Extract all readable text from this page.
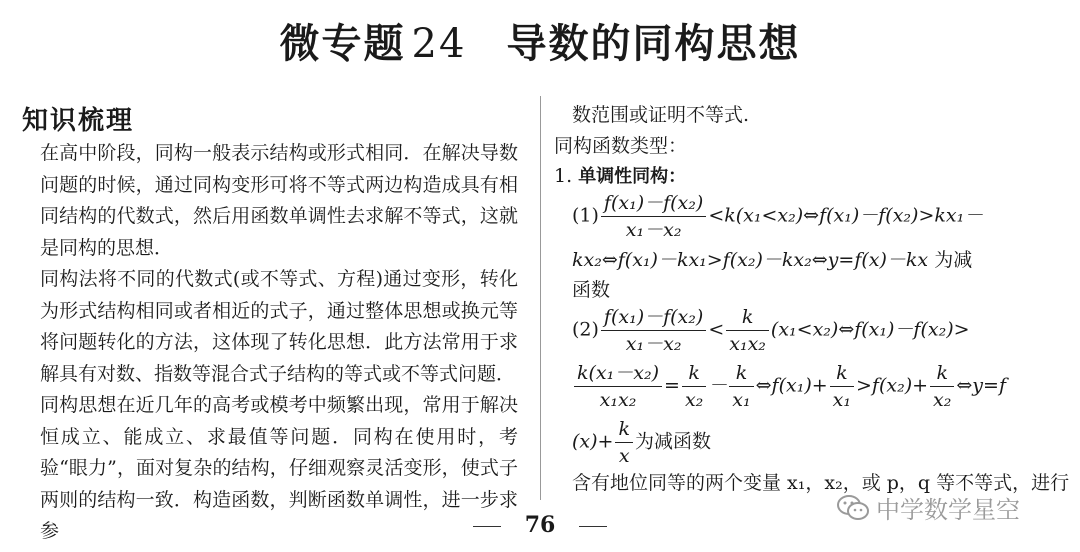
微专题 24 导数的同构思想
知识梳理

在高中阶段，同构一般表示结构或形式相同．在解决导数问题的时候，通过同构变形可将不等式两边构造成具有相同结构的代数式，然后用函数单调性去求解不等式，这就是同构的思想．

同构法将不同的代数式(或不等式、方程)通过变形，转化为形式结构相同或者相近的式子，通过整体思想或换元等将问题转化的方法，这体现了转化思想．此方法常用于求解具有对数、指数等混合式子结构的等式或不等式问题．

同构思想在近几年的高考或模考中频繁出现，常用于解决恒成立、能成立、求最值等问题．同构在使用时，考验“眼力”，面对复杂的结构，仔细观察灵活变形，使式子两则的结构一致．构造函数，判断函数单调性，进一步求参

数范围或证明不等式.
同构函数类型：
1. 单调性同构：
$(1) \frac{\text{f(x₁)－f(x₂)}}{\text{x₁－x₂}}$ <k(x₁<x₂)⇔f(x₁)－f(x₂)>kx₁－
kx₂⇔f(x₁)－kx₁>f(x₂)－kx₂⇔y=f(x)－kx 为减
函数
$(2) \frac{\text{f(x₁)－f(x₂)}}{\text{x₁－x₂}} < \frac{k}{\text{x₁x₂}}$ (x₁<x₂)⇔f(x₁)－f(x₂)>
$\frac{\text{k(x₁－x₂)}}{\text{x₁x₂}} = \frac{k}{\text{x₂}} - \frac{k}{\text{x₁}}$ ⇔f(x₁)+ $\frac{k}{\text{x₁}} >f(x_2)+ \frac{k}{\text{x₂}}$ ⇔y=f
$(x)+ \frac{k}{x}$ 为减函数
含有地位同等的两个变量 x₁，x₂，或 p，q 等不等式，进行
76
中学数学星空
